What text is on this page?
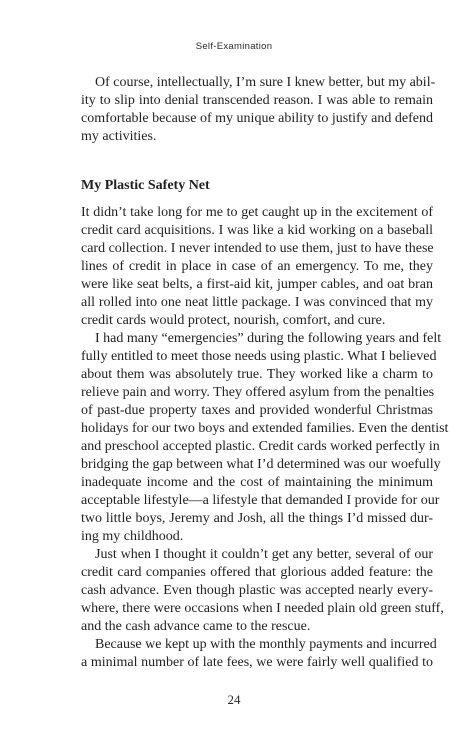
Self-Examination
Of course, intellectually, I’m sure I knew better, but my abil-
ity to slip into denial transcended reason. I was able to remain
comfortable because of my unique ability to justify and defend
my activities.
My Plastic Safety Net
It didn’t take long for me to get caught up in the excitement of
credit card acquisitions. I was like a kid working on a baseball
card collection. I never intended to use them, just to have these
lines of credit in place in case of an emergency. To me, they
were like seat belts, a first-aid kit, jumper cables, and oat bran
all rolled into one neat little package. I was convinced that my
credit cards would protect, nourish, comfort, and cure.
I had many “emergencies” during the following years and felt
fully entitled to meet those needs using plastic. What I believed
about them was absolutely true. They worked like a charm to
relieve pain and worry. They offered asylum from the penalties
of past-due property taxes and provided wonderful Christmas
holidays for our two boys and extended families. Even the dentist
and preschool accepted plastic. Credit cards worked perfectly in
bridging the gap between what I’d determined was our woefully
inadequate income and the cost of maintaining the minimum
acceptable lifestyle—a lifestyle that demanded I provide for our
two little boys, Jeremy and Josh, all the things I’d missed dur-
ing my childhood.
Just when I thought it couldn’t get any better, several of our
credit card companies offered that glorious added feature: the
cash advance. Even though plastic was accepted nearly every-
where, there were occasions when I needed plain old green stuff,
and the cash advance came to the rescue.
Because we kept up with the monthly payments and incurred
a minimal number of late fees, we were fairly well qualified to
24
